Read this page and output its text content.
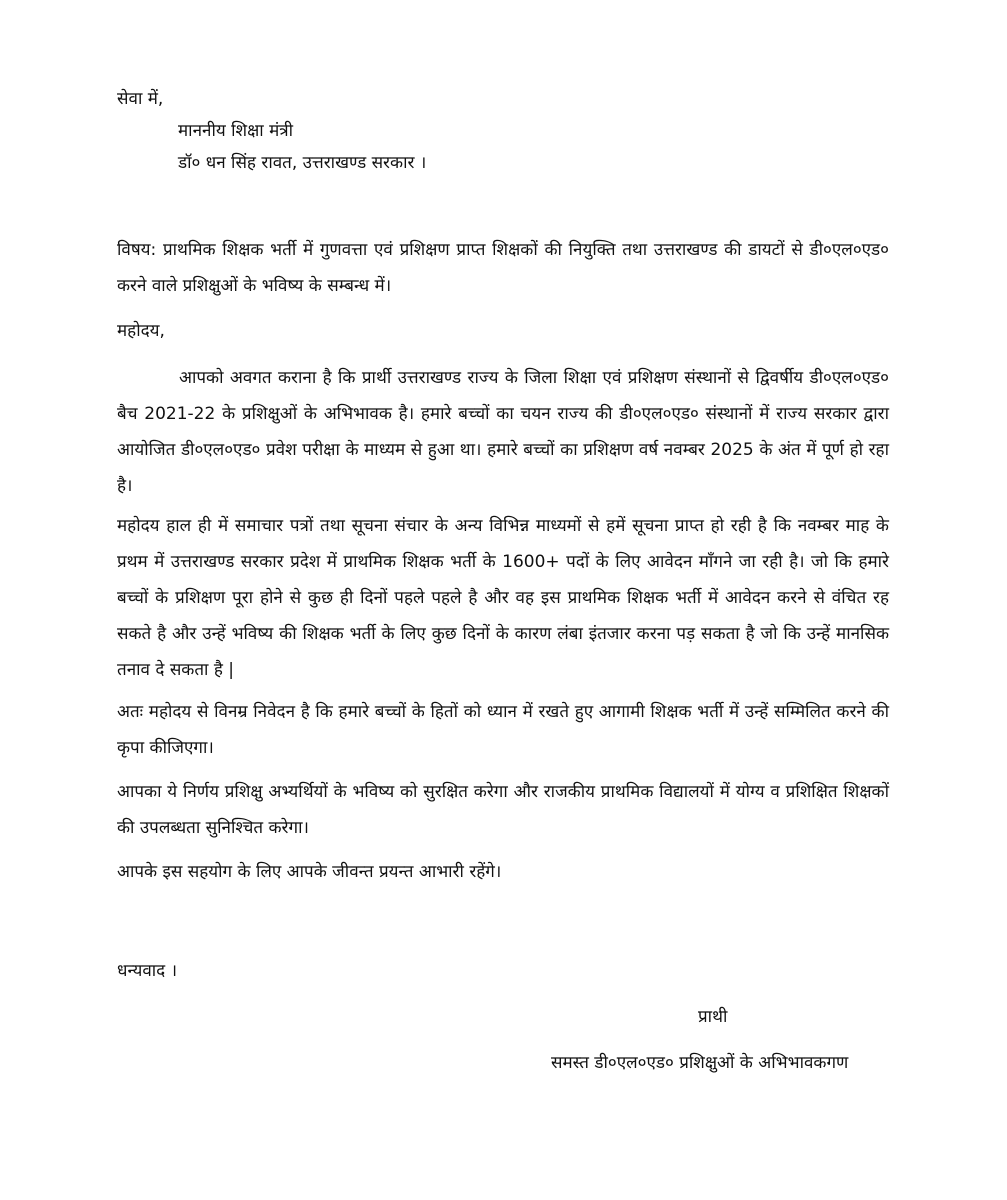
सेवा में,
माननीय शिक्षा मंत्री
डॉ० धन सिंह रावत, उत्तराखण्ड सरकार ।
विषय: प्राथमिक शिक्षक भर्ती में गुणवत्ता एवं प्रशिक्षण प्राप्त शिक्षकों की नियुक्ति तथा उत्तराखण्ड की डायटों से डी०एल०एड० करने वाले प्रशिक्षुओं के भविष्य के सम्बन्ध में।
महोदय,
आपको अवगत कराना है कि प्रार्थी उत्तराखण्ड राज्य के जिला शिक्षा एवं प्रशिक्षण संस्थानों से द्विवर्षीय डी०एल०एड० बैच 2021-22 के प्रशिक्षुओं के अभिभावक है। हमारे बच्चों का चयन राज्य की डी०एल०एड० संस्थानों में राज्य सरकार द्वारा आयोजित डी०एल०एड० प्रवेश परीक्षा के माध्यम से हुआ था। हमारे बच्चों का प्रशिक्षण वर्ष नवम्बर 2025 के अंत में पूर्ण हो रहा है।
महोदय हाल ही में समाचार पत्रों तथा सूचना संचार के अन्य विभिन्न माध्यमों से हमें सूचना प्राप्त हो रही है कि नवम्बर माह के प्रथम में उत्तराखण्ड सरकार प्रदेश में प्राथमिक शिक्षक भर्ती के 1600+ पदों के लिए आवेदन माँगने जा रही है। जो कि हमारे बच्चों के प्रशिक्षण पूरा होने से कुछ ही दिनों पहले पहले है और वह इस प्राथमिक शिक्षक भर्ती में आवेदन करने से वंचित रह सकते है और उन्हें भविष्य की शिक्षक भर्ती के लिए कुछ दिनों के कारण लंबा इंतजार करना पड़ सकता है जो कि उन्हें मानसिक तनाव दे सकता है |
अतः महोदय से विनम्र निवेदन है कि हमारे बच्चों के हितों को ध्यान में रखते हुए आगामी शिक्षक भर्ती में उन्हें सम्मिलित करने की कृपा कीजिएगा।
आपका ये निर्णय प्रशिक्षु अभ्यर्थियों के भविष्य को सुरक्षित करेगा और राजकीय प्राथमिक विद्यालयों में योग्य व प्रशिक्षित शिक्षकों की उपलब्धता सुनिश्चित करेगा।
आपके इस सहयोग के लिए आपके जीवन्त प्रयन्त आभारी रहेंगे।
धन्यवाद ।
प्राथी
समस्त डी०एल०एड० प्रशिक्षुओं के अभिभावकगण
